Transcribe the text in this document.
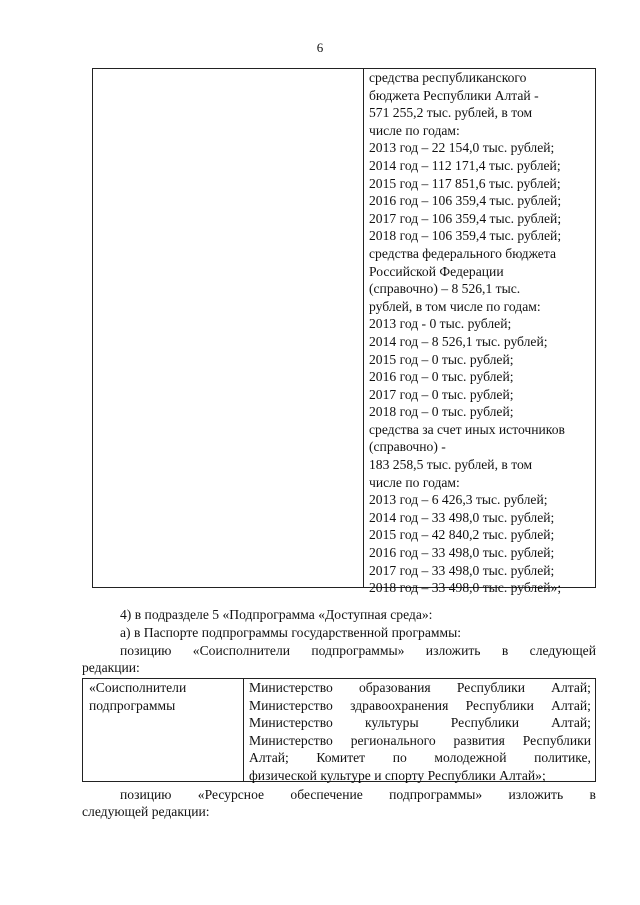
6
средства республиканского
бюджета Республики Алтай -
571 255,2 тыс. рублей, в том
числе по годам:
2013 год – 22 154,0 тыс. рублей;
2014 год – 112 171,4 тыс. рублей;
2015 год – 117 851,6 тыс. рублей;
2016 год – 106 359,4 тыс. рублей;
2017 год – 106 359,4 тыс. рублей;
2018 год – 106 359,4 тыс. рублей;
средства федерального бюджета
Российской Федерации
(справочно) – 8 526,1 тыс.
рублей, в том числе по годам:
2013 год - 0 тыс. рублей;
2014 год – 8 526,1 тыс. рублей;
2015 год – 0 тыс. рублей;
2016 год – 0 тыс. рублей;
2017 год – 0 тыс. рублей;
2018 год – 0 тыс. рублей;
средства за счет иных источников
(справочно) -
183 258,5 тыс. рублей, в том
числе по годам:
2013 год – 6 426,3 тыс. рублей;
2014 год – 33 498,0 тыс. рублей;
2015 год – 42 840,2 тыс. рублей;
2016 год – 33 498,0 тыс. рублей;
2017 год – 33 498,0 тыс. рублей;
2018 год – 33 498,0 тыс. рублей»;
4) в подразделе 5 «Подпрограмма «Доступная среда»:
а) в Паспорте подпрограммы государственной программы:
позицию «Соисполнители подпрограммы» изложить в следующей
редакции:
«Соисполнители
подпрограммы
Министерство образования Республики Алтай;
Министерство здравоохранения Республики Алтай;
Министерство культуры Республики Алтай;
Министерство регионального развития Республики
Алтай; Комитет по молодежной политике,
физической культуре и спорту Республики Алтай»;
позицию «Ресурсное обеспечение подпрограммы» изложить в
следующей редакции:
